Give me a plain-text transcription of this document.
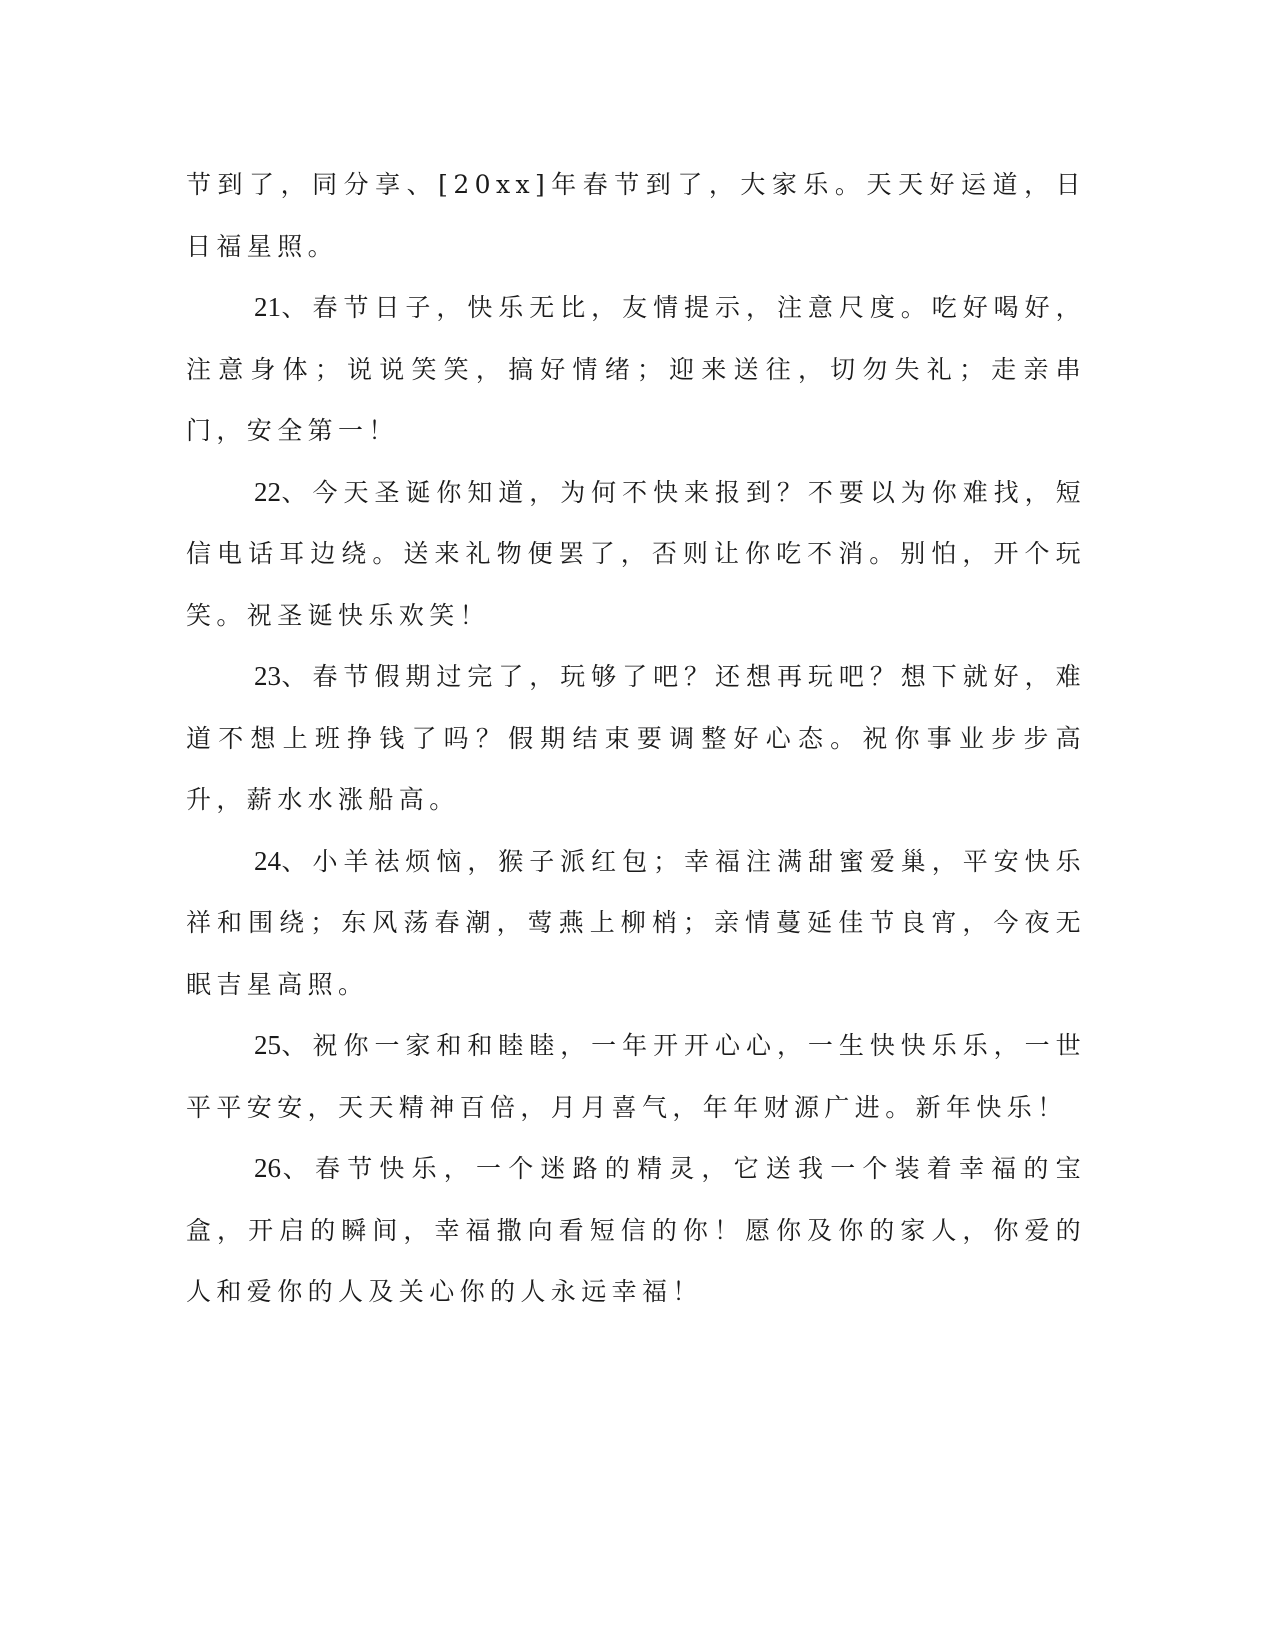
节到了，同分享、[20xx]年春节到了，大家乐。天天好运道，日日福星照。

21、春节日子，快乐无比，友情提示，注意尺度。吃好喝好，注意身体；说说笑笑，搞好情绪；迎来送往，切勿失礼；走亲串门，安全第一！

22、今天圣诞你知道，为何不快来报到？不要以为你难找，短信电话耳边绕。送来礼物便罢了，否则让你吃不消。别怕，开个玩笑。祝圣诞快乐欢笑！

23、春节假期过完了，玩够了吧？还想再玩吧？想下就好，难道不想上班挣钱了吗？假期结束要调整好心态。祝你事业步步高升，薪水水涨船高。

24、小羊祛烦恼，猴子派红包；幸福注满甜蜜爱巢，平安快乐祥和围绕；东风荡春潮，莺燕上柳梢；亲情蔓延佳节良宵，今夜无眠吉星高照。

25、祝你一家和和睦睦，一年开开心心，一生快快乐乐，一世平平安安，天天精神百倍，月月喜气，年年财源广进。新年快乐！

26、春节快乐，一个迷路的精灵，它送我一个装着幸福的宝盒，开启的瞬间，幸福撒向看短信的你！愿你及你的家人，你爱的人和爱你的人及关心你的人永远幸福！
